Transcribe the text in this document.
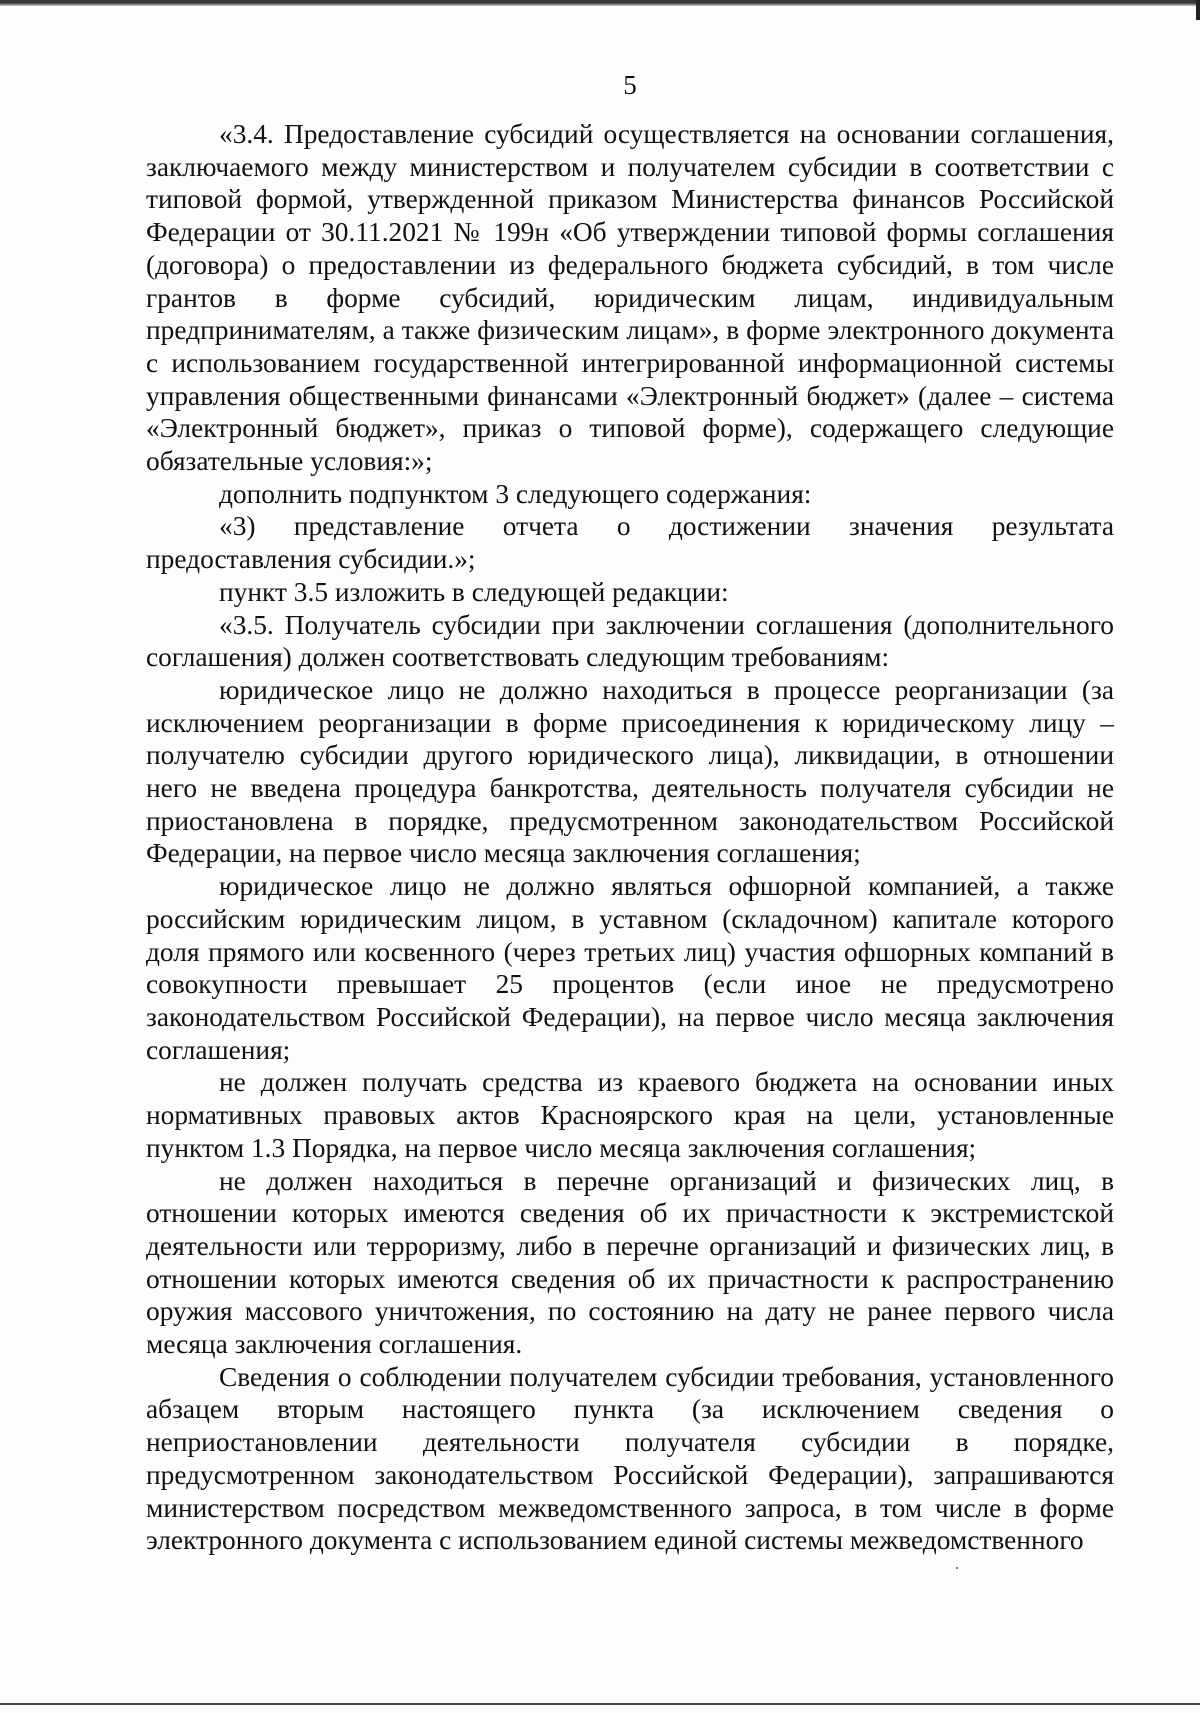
5

«3.4. Предоставление субсидий осуществляется на основании соглашения, заключаемого между министерством и получателем субсидии в соответствии с типовой формой, утвержденной приказом Министерства финансов Российской Федерации от 30.11.2021 № 199н «Об утверждении типовой формы соглашения (договора) о предоставлении из федерального бюджета субсидий, в том числе грантов в форме субсидий, юридическим лицам, индивидуальным предпринимателям, а также физическим лицам», в форме электронного документа с использованием государственной интегрированной информационной системы управления общественными финансами «Электронный бюджет» (далее – система «Электронный бюджет», приказ о типовой форме), содержащего следующие обязательные условия:»;

дополнить подпунктом 3 следующего содержания:

«3) представление отчета о достижении значения результата предоставления субсидии.»;

пункт 3.5 изложить в следующей редакции:

«3.5. Получатель субсидии при заключении соглашения (дополнительного соглашения) должен соответствовать следующим требованиям:

юридическое лицо не должно находиться в процессе реорганизации (за исключением реорганизации в форме присоединения к юридическому лицу – получателю субсидии другого юридического лица), ликвидации, в отношении него не введена процедура банкротства, деятельность получателя субсидии не приостановлена в порядке, предусмотренном законодательством Российской Федерации, на первое число месяца заключения соглашения;

юридическое лицо не должно являться офшорной компанией, а также российским юридическим лицом, в уставном (складочном) капитале которого доля прямого или косвенного (через третьих лиц) участия офшорных компаний в совокупности превышает 25 процентов (если иное не предусмотрено законодательством Российской Федерации), на первое число месяца заключения соглашения;

не должен получать средства из краевого бюджета на основании иных нормативных правовых актов Красноярского края на цели, установленные пунктом 1.3 Порядка, на первое число месяца заключения соглашения;

не должен находиться в перечне организаций и физических лиц, в отношении которых имеются сведения об их причастности к экстремистской деятельности или терроризму, либо в перечне организаций и физических лиц, в отношении которых имеются сведения об их причастности к распространению оружия массового уничтожения, по состоянию на дату не ранее первого числа месяца заключения соглашения.

Сведения о соблюдении получателем субсидии требования, установленного абзацем вторым настоящего пункта (за исключением сведения о неприостановлении деятельности получателя субсидии в порядке, предусмотренном законодательством Российской Федерации), запрашиваются министерством посредством межведомственного запроса, в том числе в форме электронного документа с использованием единой системы межведомственного
